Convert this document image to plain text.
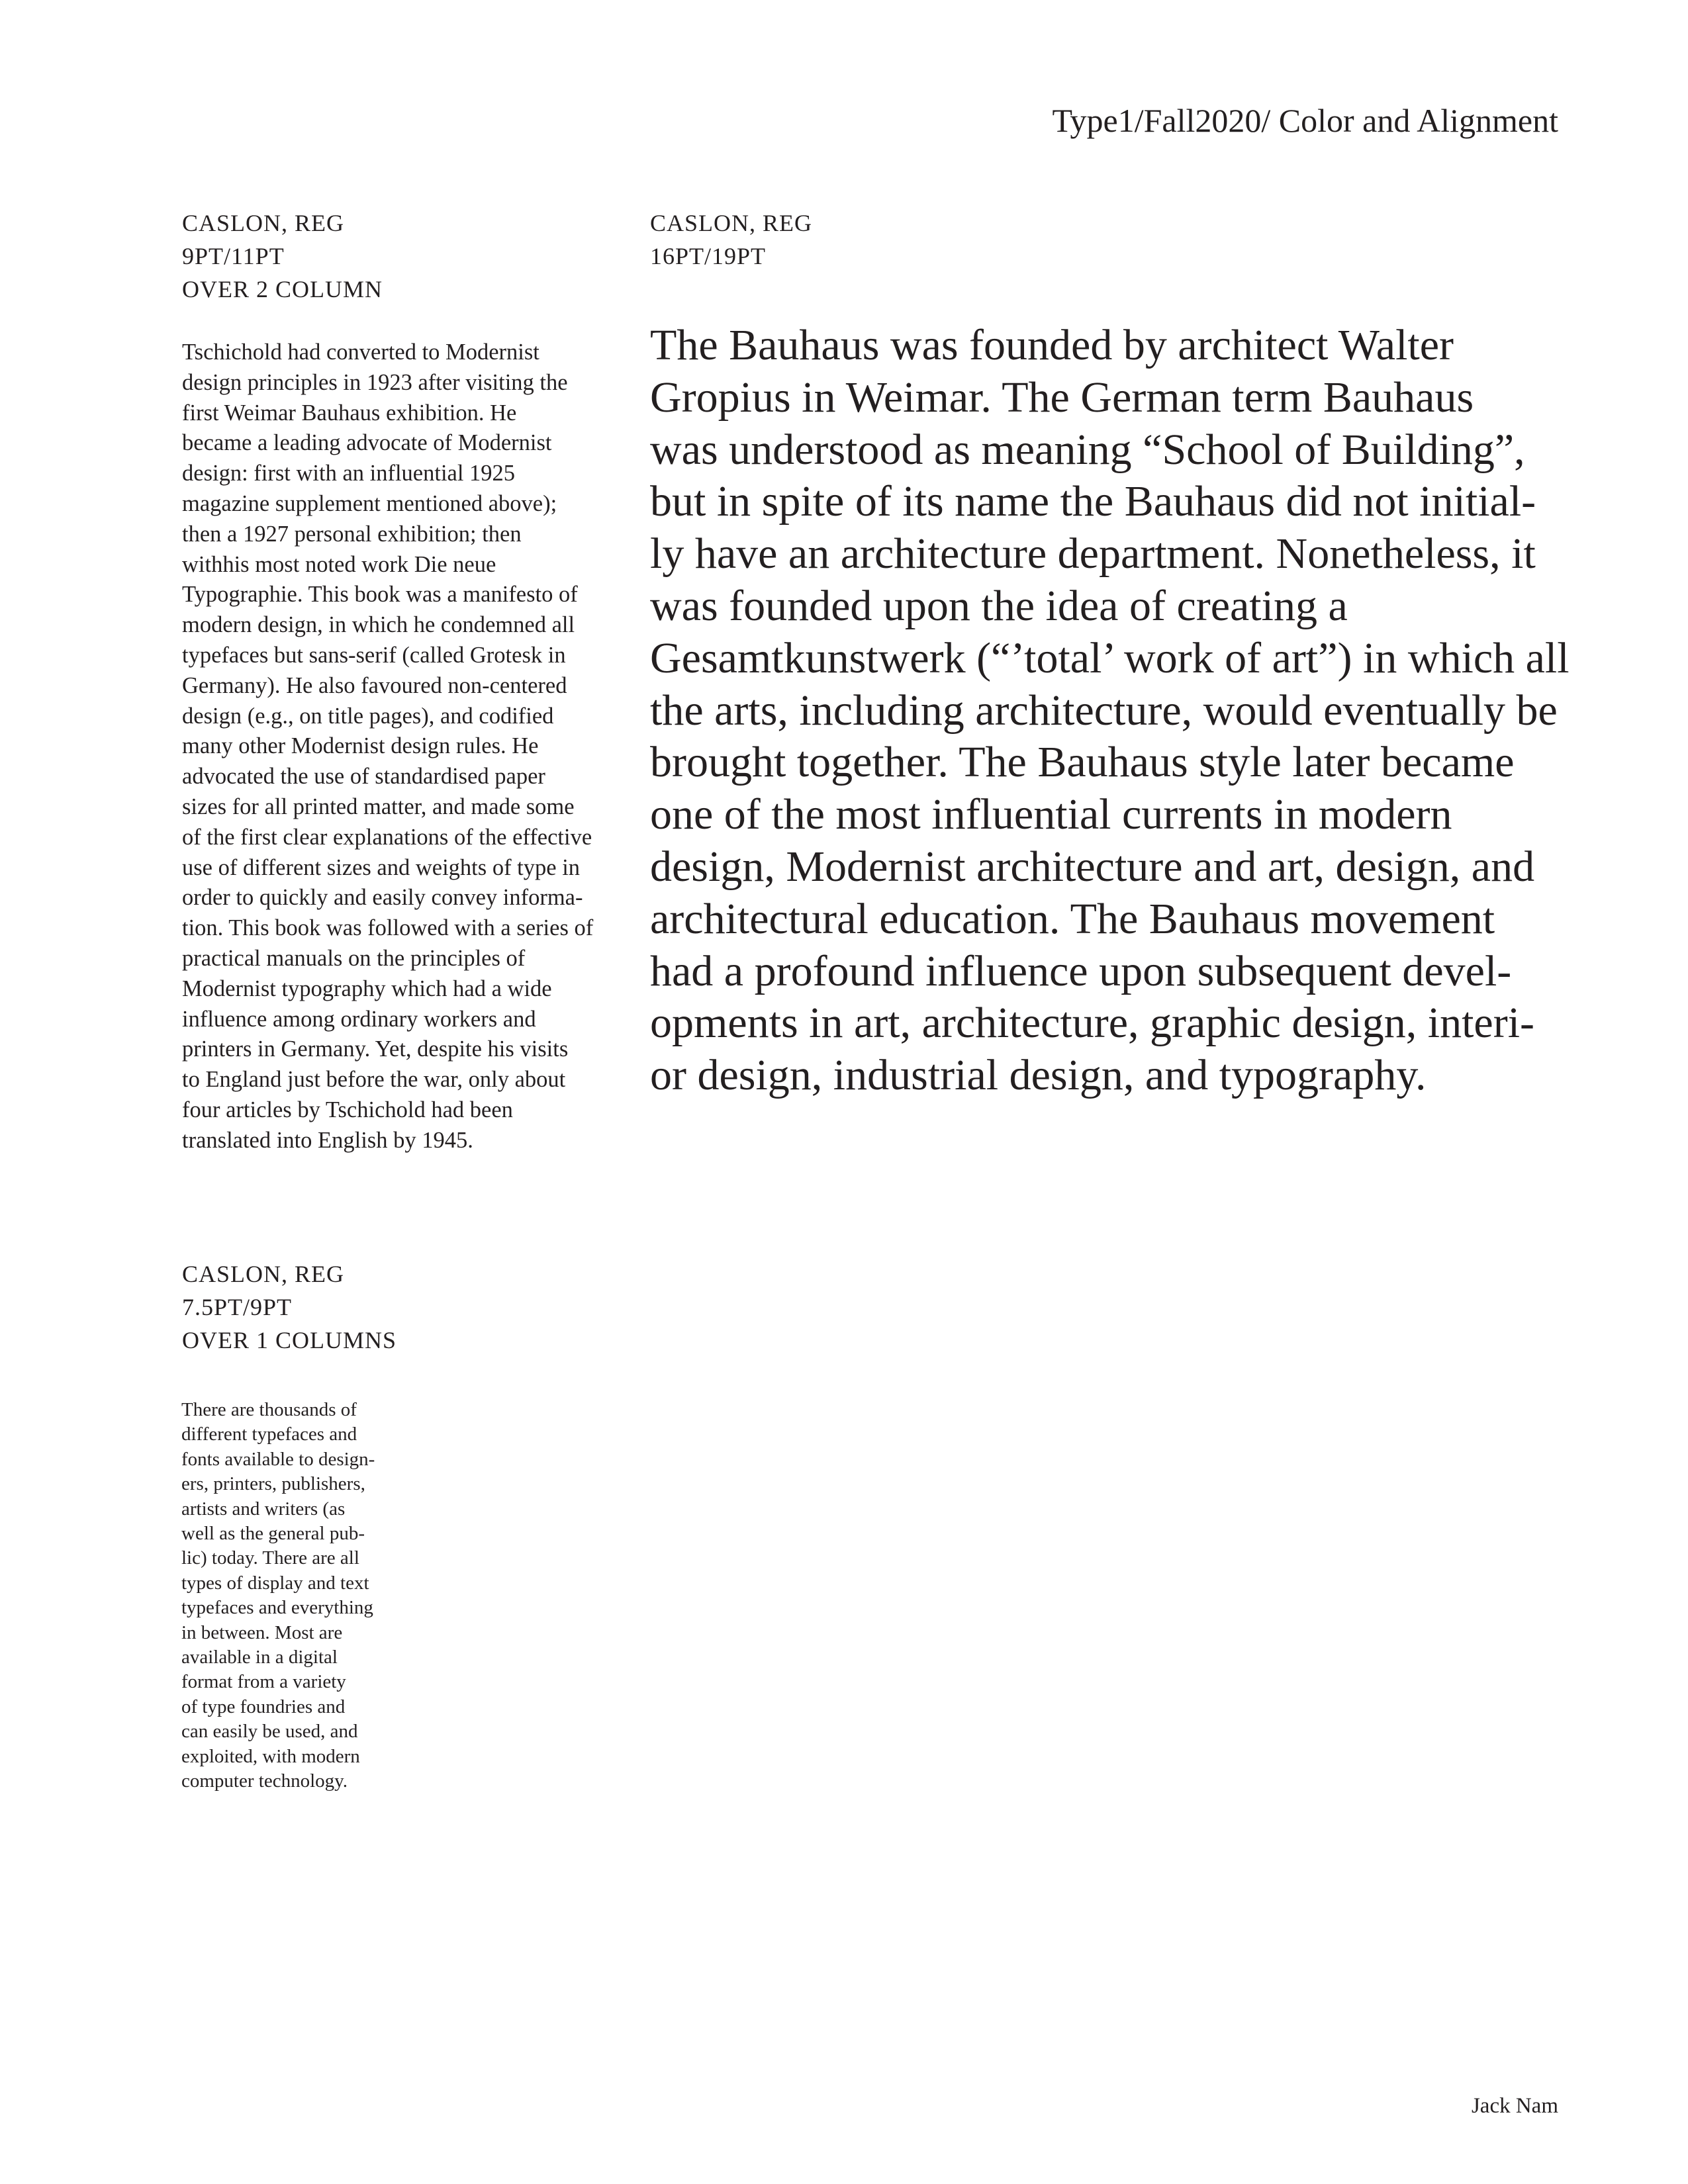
Type1/Fall2020/ Color and Alignment
CASLON, REG
9PT/11PT
OVER 2 COLUMN
CASLON, REG
16PT/19PT
Tschichold had converted to Modernist
design principles in 1923 after visiting the
first Weimar Bauhaus exhibition. He
became a leading advocate of Modernist
design: first with an influential 1925
magazine supplement mentioned above);
then a 1927 personal exhibition; then
withhis most noted work Die neue
Typographie. This book was a manifesto of
modern design, in which he condemned all
typefaces but sans-serif (called Grotesk in
Germany). He also favoured non-centered
design (e.g., on title pages), and codified
many other Modernist design rules. He
advocated the use of standardised paper
sizes for all printed matter, and made some
of the first clear explanations of the effective
use of different sizes and weights of type in
order to quickly and easily convey informa-
tion. This book was followed with a series of
practical manuals on the principles of
Modernist typography which had a wide
influence among ordinary workers and
printers in Germany. Yet, despite his visits
to England just before the war, only about
four articles by Tschichold had been
translated into English by 1945.
The Bauhaus was founded by architect Walter
Gropius in Weimar. The German term Bauhaus
was understood as meaning “School of Building”,
but in spite of its name the Bauhaus did not initial-
ly have an architecture department. Nonetheless, it
was founded upon the idea of creating a
Gesamtkunstwerk (“’total’ work of art”) in which all
the arts, including architecture, would eventually be
brought together. The Bauhaus style later became
one of the most influential currents in modern
design, Modernist architecture and art, design, and
architectural education. The Bauhaus movement
had a profound influence upon subsequent devel-
opments in art, architecture, graphic design, interi-
or design, industrial design, and typography.
CASLON, REG
7.5PT/9PT
OVER 1 COLUMNS
There are thousands of
different typefaces and
fonts available to design-
ers, printers, publishers,
artists and writers (as
well as the general pub-
lic) today. There are all
types of display and text
typefaces and everything
in between. Most are
available in a digital
format from a variety
of type foundries and
can easily be used, and
exploited, with modern
computer technology.
Jack Nam
